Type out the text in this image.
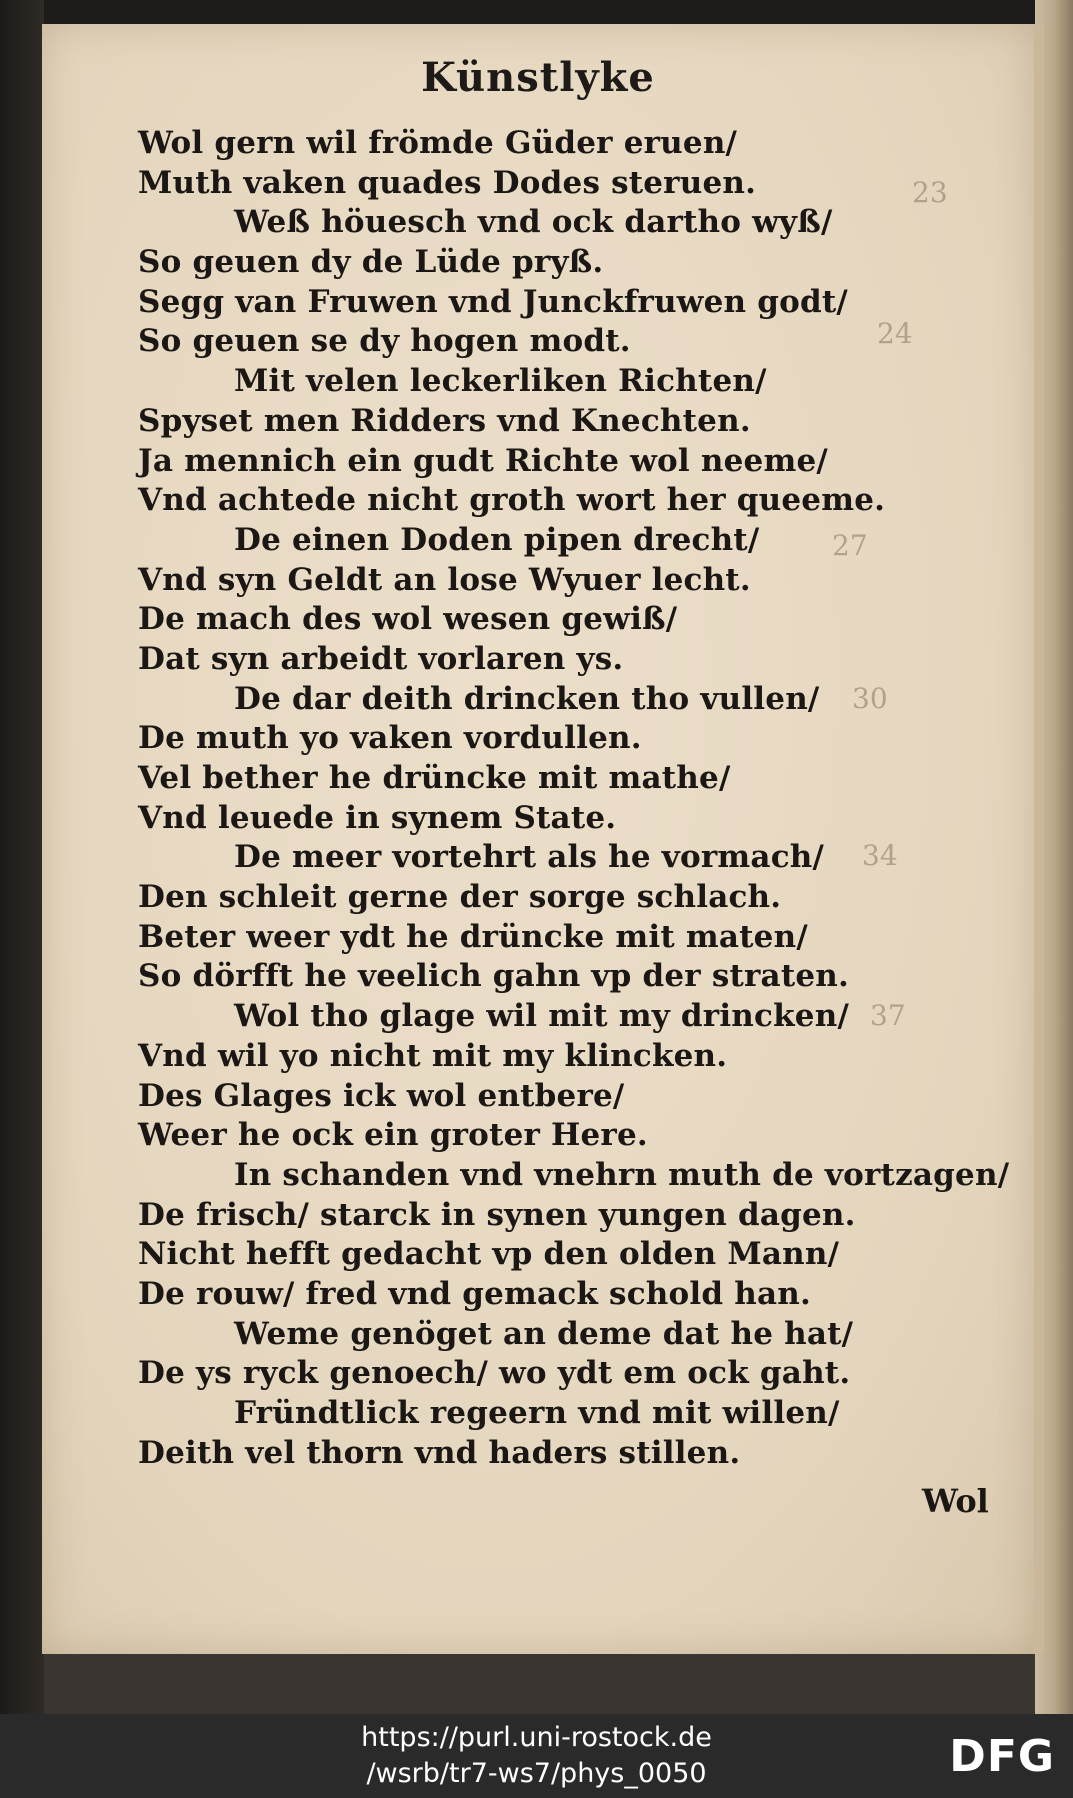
Künstlyke
Wol gern wil frömde Güder eruen/
Muth vaken quades Dodes steruen.
Weß höuesch vnd ock dartho wyß/
So geuen dy de Lüde pryß.
Segg van Fruwen vnd Junckfruwen godt/
So geuen se dy hogen modt.
Mit velen leckerliken Richten/
Spyset men Ridders vnd Knechten.
Ja mennich ein gudt Richte wol neeme/
Vnd achtede nicht groth wort her queeme.
De einen Doden pipen drecht/
Vnd syn Geldt an lose Wyuer lecht.
De mach des wol wesen gewiß/
Dat syn arbeidt vorlaren ys.
De dar deith drincken tho vullen/
De muth yo vaken vordullen.
Vel bether he drüncke mit mathe/
Vnd leuede in synem State.
De meer vortehrt als he vormach/
Den schleit gerne der sorge schlach.
Beter weer ydt he drüncke mit maten/
So dörfft he veelich gahn vp der straten.
Wol tho glage wil mit my drincken/
Vnd wil yo nicht mit my klincken.
Des Glages ick wol entbere/
Weer he ock ein groter Here.
In schanden vnd vnehrn muth de vortzagen/
De frisch/ starck in synen yungen dagen.
Nicht hefft gedacht vp den olden Mann/
De rouw/ fred vnd gemack schold han.
Weme genöget an deme dat he hat/
De ys ryck genoech/ wo ydt em ock gaht.
Fründtlick regeern vnd mit willen/
Deith vel thorn vnd haders stillen.
23
24
27
30
34
37
Wol
https://purl.uni-rostock.de
/wsrb/tr7-ws7/phys_0050	DFG
